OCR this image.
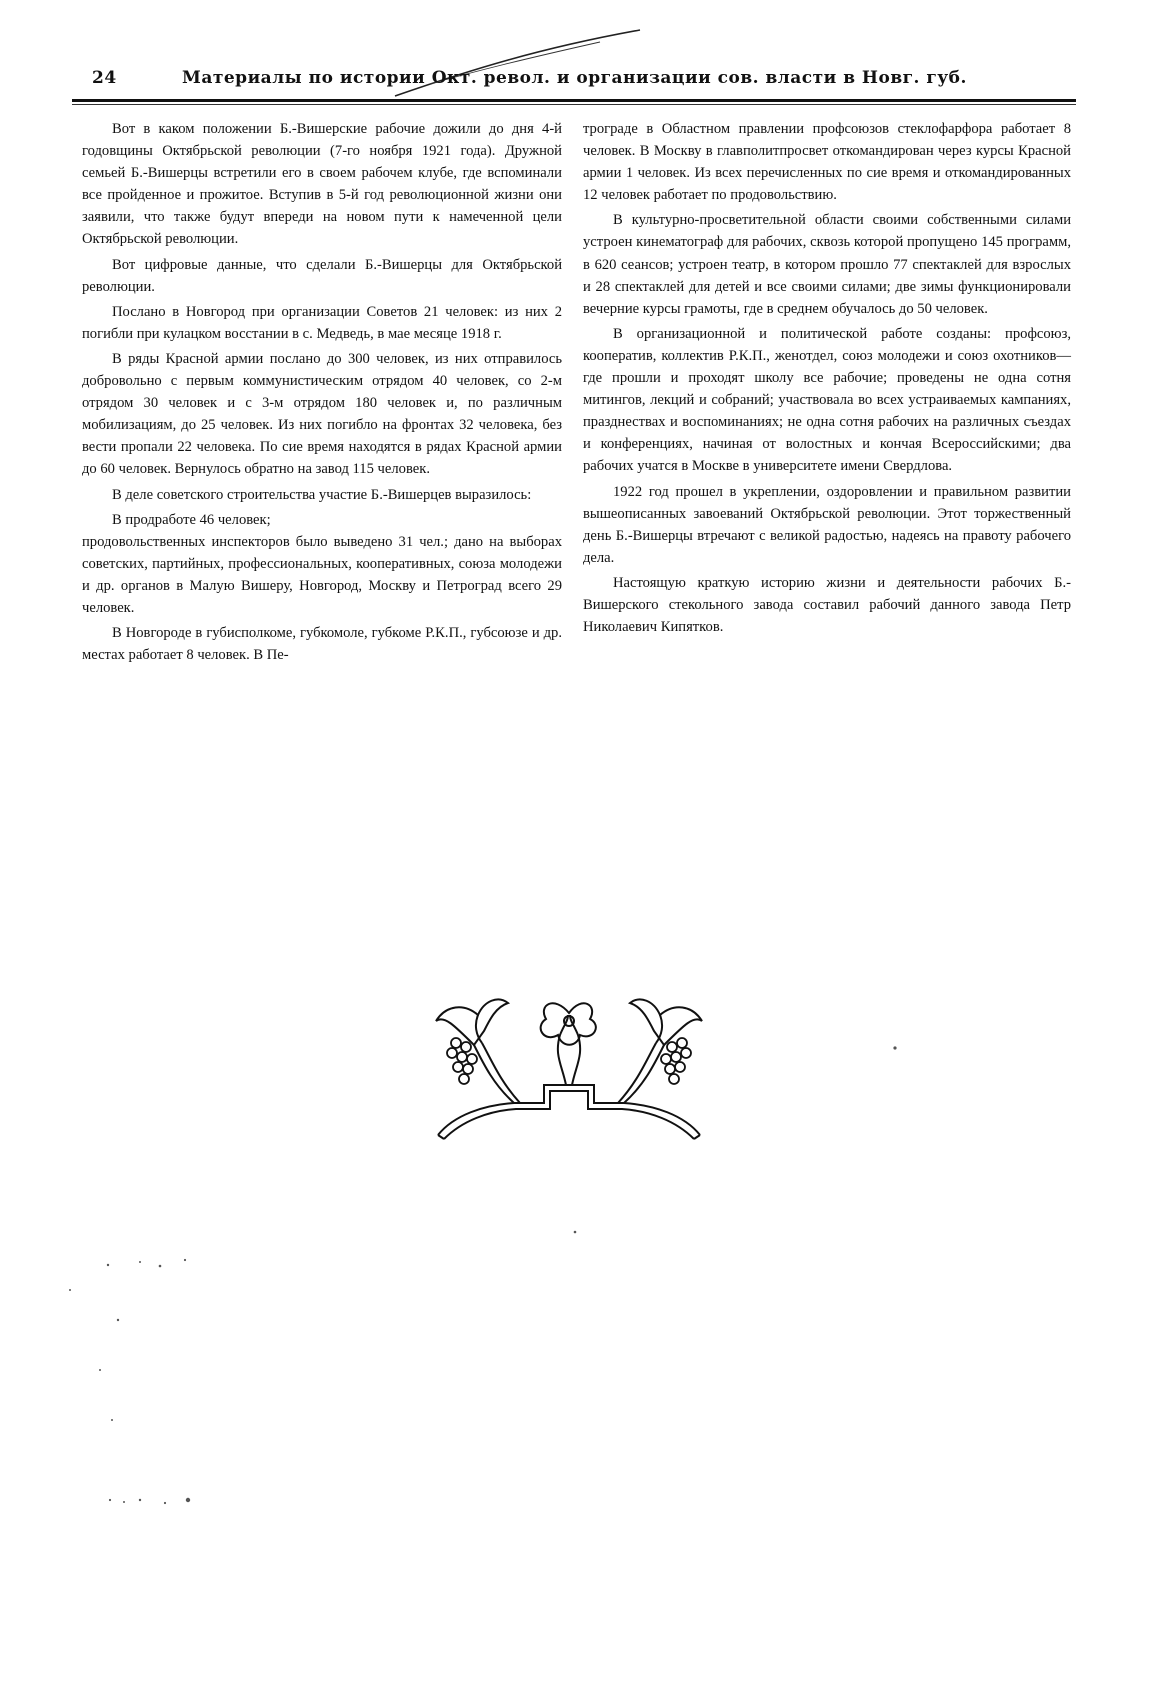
24	Материалы по истории Окт. револ. и организации сов. власти в Новг. губ.

Вот в каком положении Б.-Вишерские рабочие дожили до дня 4-й годовщины Октябрьской революции (7-го ноября 1921 года). Дружной семьей Б.-Вишерцы встретили его в своем рабочем клубе, где вспоминали все пройденное и прожитое. Вступив в 5-й год революционной жизни они заявили, что также будут впереди на новом пути к намеченной цели Октябрьской революции.

Вот цифровые данные, что сделали Б.-Вишерцы для Октябрьской революции.

Послано в Новгород при организации Советов 21 человек: из них 2 погибли при кулацком восстании в с. Медведь, в мае месяце 1918 г.

В ряды Красной армии послано до 300 человек, из них отправилось добровольно с первым коммунистическим отрядом 40 человек, со 2-м отрядом 30 человек и с 3-м отрядом 180 человек и, по различным мобилизациям, до 25 человек. Из них погибло на фронтах 32 человека, без вести пропали 22 человека. По сие время находятся в рядах Красной армии до 60 человек. Вернулось обратно на завод 115 человек.

В деле советского строительства участие Б.-Вишерцев выразилось:

В продработе 46 человек;

продовольственных инспекторов было выведено 31 чел.; дано на выборах советских, партийных, профессиональных, кооперативных, союза молодежи и др. органов в Малую Вишеру, Новгород, Москву и Петроград всего 29 человек.

В Новгороде в губисполкоме, губкомоле, губкоме Р.К.П., губсоюзе и др. местах работает 8 человек. В Пе-

трограде в Областном правлении профсоюзов стеклофарфора работает 8 человек. В Москву в главполитпросвет откомандирован через курсы Красной армии 1 человек. Из всех перечисленных по сие время и откомандированных 12 человек работает по продовольствию.

В культурно-просветительной области своими собственными силами устроен кинематограф для рабочих, сквозь которой пропущено 145 программ, в 620 сеансов; устроен театр, в котором прошло 77 спектаклей для взрослых и 28 спектаклей для детей и все своими силами; две зимы функционировали вечерние курсы грамоты, где в среднем обучалось до 50 человек.

В организационной и политической работе созданы: профсоюз, кооператив, коллектив Р.К.П., женотдел, союз молодежи и союз охотников—где прошли и проходят школу все рабочие; проведены не одна сотня митингов, лекций и собраний; участвовала во всех устраиваемых кампаниях, празднествах и воспоминаниях; не одна сотня рабочих на различных съездах и конференциях, начиная от волостных и кончая Всероссийскими; два рабочих учатся в Москве в университете имени Свердлова.

1922 год прошел в укреплении, оздоровлении и правильном развитии вышеописанных завоеваний Октябрьской революции. Этот торжественный день Б.-Вишерцы втречают с великой радостью, надеясь на правоту рабочего дела.

Настоящую краткую историю жизни и деятельности рабочих Б.-Вишерского стекольного завода составил рабочий данного завода Петр Николаевич Кипятков.
